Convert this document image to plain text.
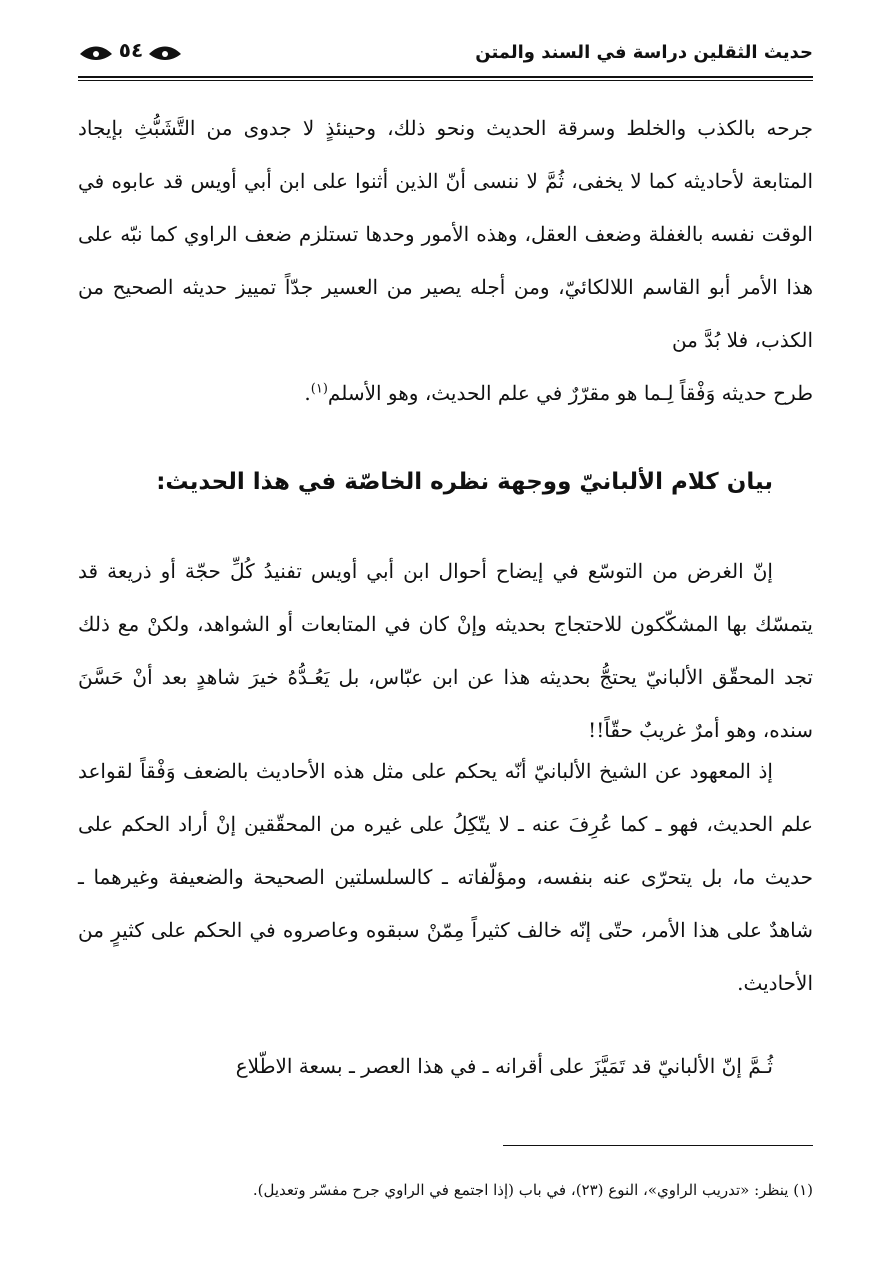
حديث الثقلين دراسة في السند والمتن
٥٤

جرحه بالكذب والخلط وسرقة الحديث ونحو ذلك، وحينئذٍ لا جدوى من التَّشَبُّثِ بإيجاد المتابعة لأحاديثه كما لا يخفى، ثُمَّ لا ننسى أنّ الذين أثنوا على ابن أبي أويس قد عابوه في الوقت نفسه بالغفلة وضعف العقل، وهذه الأمور وحدها تستلزم ضعف الراوي كما نبّه على هذا الأمر أبو القاسم اللالكائيّ، ومن أجله يصير من العسير جدّاً تمييز حديثه الصحيح من الكذب، فلا بُدَّ من

طرح حديثه وَفْقاً لِـما هو مقرّرٌ في علم الحديث، وهو الأسلم$^{(١)}$.

بيان كلام الألبانيّ ووجهة نظره الخاصّة في هذا الحديث:

إنّ الغرض من التوسّع في إيضاح أحوال ابن أبي أويس تفنيدُ كُلِّ حجّة أو ذريعة قد يتمسّك بها المشكّكون للاحتجاج بحديثه وإنْ كان في المتابعات أو الشواهد، ولكنْ مع ذلك تجد المحقّق الألبانيّ يحتجُّ بحديثه هذا عن ابن عبّاس، بل يَعُـدُّهُ خيرَ شاهدٍ بعد أنْ حَسَّنَ سنده، وهو أمرٌ غريبٌ حقّاً!!

إذ المعهود عن الشيخ الألبانيّ أنّه يحكم على مثل هذه الأحاديث بالضعف وَفْقاً لقواعد علم الحديث، فهو ـ كما عُرِفَ عنه ـ لا يتّكِلُ على غيره من المحقّقين إنْ أراد الحكم على حديث ما، بل يتحرّى عنه بنفسه، ومؤلّفاته ـ كالسلسلتين الصحيحة والضعيفة وغيرهما ـ شاهدٌ على هذا الأمر، حتّى إنّه خالف كثيراً مِمّنْ سبقوه وعاصروه في الحكم على كثيرٍ من الأحاديث.

ثُـمَّ إنّ الألبانيّ قد تَمَيَّزَ على أقرانه ـ في هذا العصر ـ بسعة الاطّلاع

(١) ينظر: «تدريب الراوي»، النوع (٢٣)، في باب (إذا اجتمع في الراوي جرح مفسّر وتعديل).
